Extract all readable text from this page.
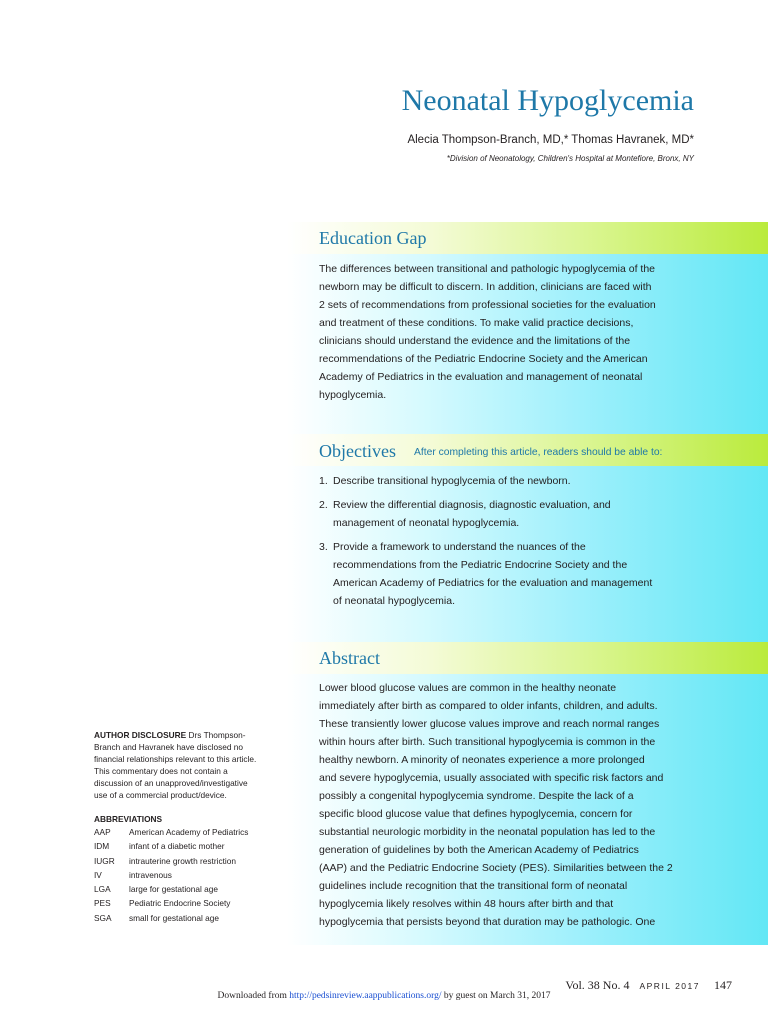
Neonatal Hypoglycemia
Alecia Thompson-Branch, MD,* Thomas Havranek, MD*
*Division of Neonatology, Children's Hospital at Montefiore, Bronx, NY
Education Gap
The differences between transitional and pathologic hypoglycemia of the
newborn may be difficult to discern. In addition, clinicians are faced with
2 sets of recommendations from professional societies for the evaluation
and treatment of these conditions. To make valid practice decisions,
clinicians should understand the evidence and the limitations of the
recommendations of the Pediatric Endocrine Society and the American
Academy of Pediatrics in the evaluation and management of neonatal
hypoglycemia.
Objectives After completing this article, readers should be able to:
1. Describe transitional hypoglycemia of the newborn.
2. Review the differential diagnosis, diagnostic evaluation, and
management of neonatal hypoglycemia.
3. Provide a framework to understand the nuances of the
recommendations from the Pediatric Endocrine Society and the
American Academy of Pediatrics for the evaluation and management
of neonatal hypoglycemia.
Abstract
Lower blood glucose values are common in the healthy neonate
immediately after birth as compared to older infants, children, and adults.
These transiently lower glucose values improve and reach normal ranges
within hours after birth. Such transitional hypoglycemia is common in the
healthy newborn. A minority of neonates experience a more prolonged
and severe hypoglycemia, usually associated with specific risk factors and
possibly a congenital hypoglycemia syndrome. Despite the lack of a
specific blood glucose value that defines hypoglycemia, concern for
substantial neurologic morbidity in the neonatal population has led to the
generation of guidelines by both the American Academy of Pediatrics
(AAP) and the Pediatric Endocrine Society (PES). Similarities between the 2
guidelines include recognition that the transitional form of neonatal
hypoglycemia likely resolves within 48 hours after birth and that
hypoglycemia that persists beyond that duration may be pathologic. One
AUTHOR DISCLOSURE Drs Thompson-
Branch and Havranek have disclosed no
financial relationships relevant to this article.
This commentary does not contain a
discussion of an unapproved/investigative
use of a commercial product/device.
ABBREVIATIONS
AAP	American Academy of Pediatrics
IDM	infant of a diabetic mother
IUGR	intrauterine growth restriction
IV	intravenous
LGA	large for gestational age
PES	Pediatric Endocrine Society
SGA	small for gestational age
Vol. 38 No. 4 APRIL 2017 147
Downloaded from http://pedsinreview.aappublications.org/ by guest on March 31, 2017
